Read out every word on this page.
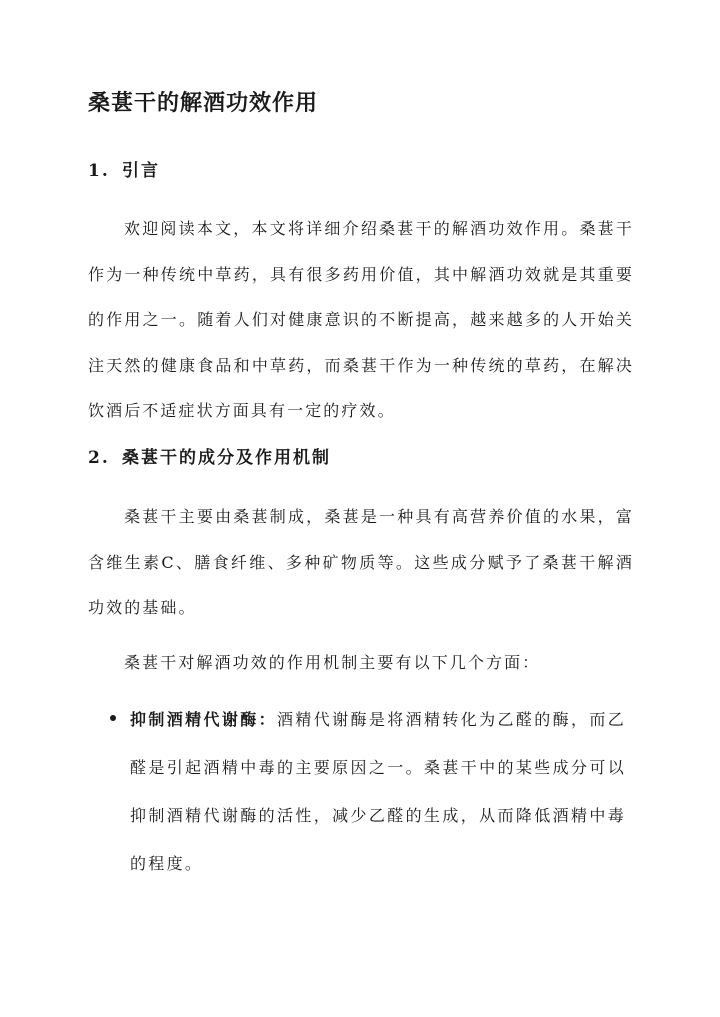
桑葚干的解酒功效作用
1. 引言

欢迎阅读本文，本文将详细介绍桑葚干的解酒功效作用。桑葚干作为一种传统中草药，具有很多药用价值，其中解酒功效就是其重要的作用之一。随着人们对健康意识的不断提高，越来越多的人开始关注天然的健康食品和中草药，而桑葚干作为一种传统的草药，在解决饮酒后不适症状方面具有一定的疗效。

2. 桑葚干的成分及作用机制

桑葚干主要由桑葚制成，桑葚是一种具有高营养价值的水果，富含维生素C、膳食纤维、多种矿物质等。这些成分赋予了桑葚干解酒功效的基础。

桑葚干对解酒功效的作用机制主要有以下几个方面：

抑制酒精代谢酶：酒精代谢酶是将酒精转化为乙醛的酶，而乙醛是引起酒精中毒的主要原因之一。桑葚干中的某些成分可以抑制酒精代谢酶的活性，减少乙醛的生成，从而降低酒精中毒的程度。
